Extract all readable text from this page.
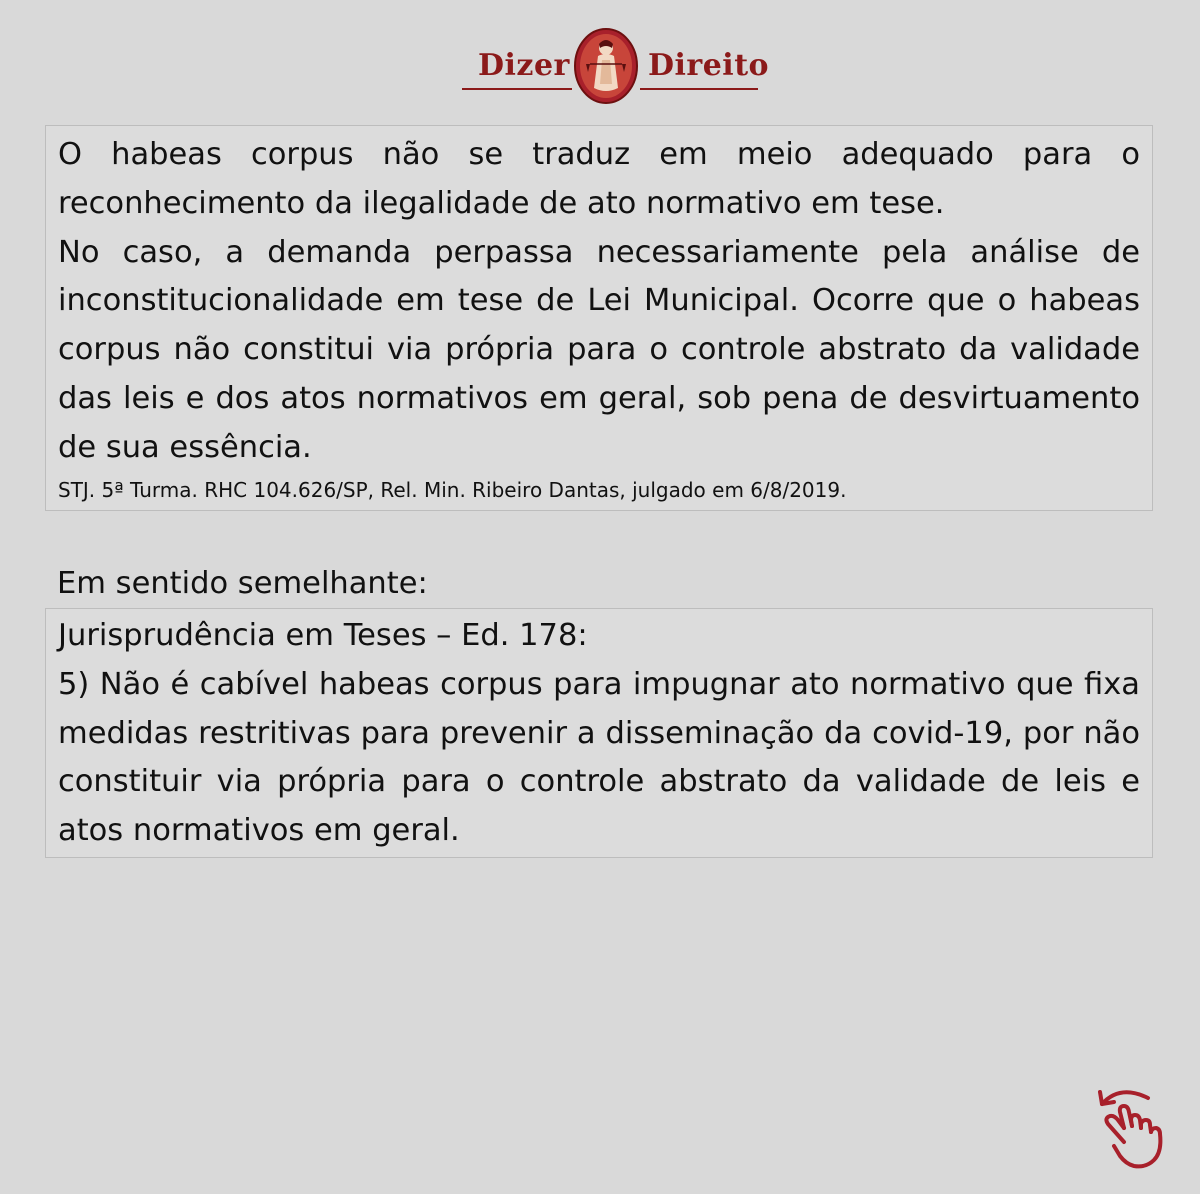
Dizer	Direito

O habeas corpus não se traduz em meio adequado para o reconhecimento da ilegalidade de ato normativo em tese.

No caso, a demanda perpassa necessariamente pela análise de inconstitucionalidade em tese de Lei Municipal. Ocorre que o habeas corpus não constitui via própria para o controle abstrato da validade das leis e dos atos normativos em geral, sob pena de desvirtuamento de sua essência.

STJ. 5ª Turma. RHC 104.626/SP, Rel. Min. Ribeiro Dantas, julgado em 6/8/2019.

Em sentido semelhante:

Jurisprudência em Teses – Ed. 178:

5) Não é cabível habeas corpus para impugnar ato normativo que fixa medidas restritivas para prevenir a disseminação da covid-19, por não constituir via própria para o controle abstrato da validade de leis e atos normativos em geral.
